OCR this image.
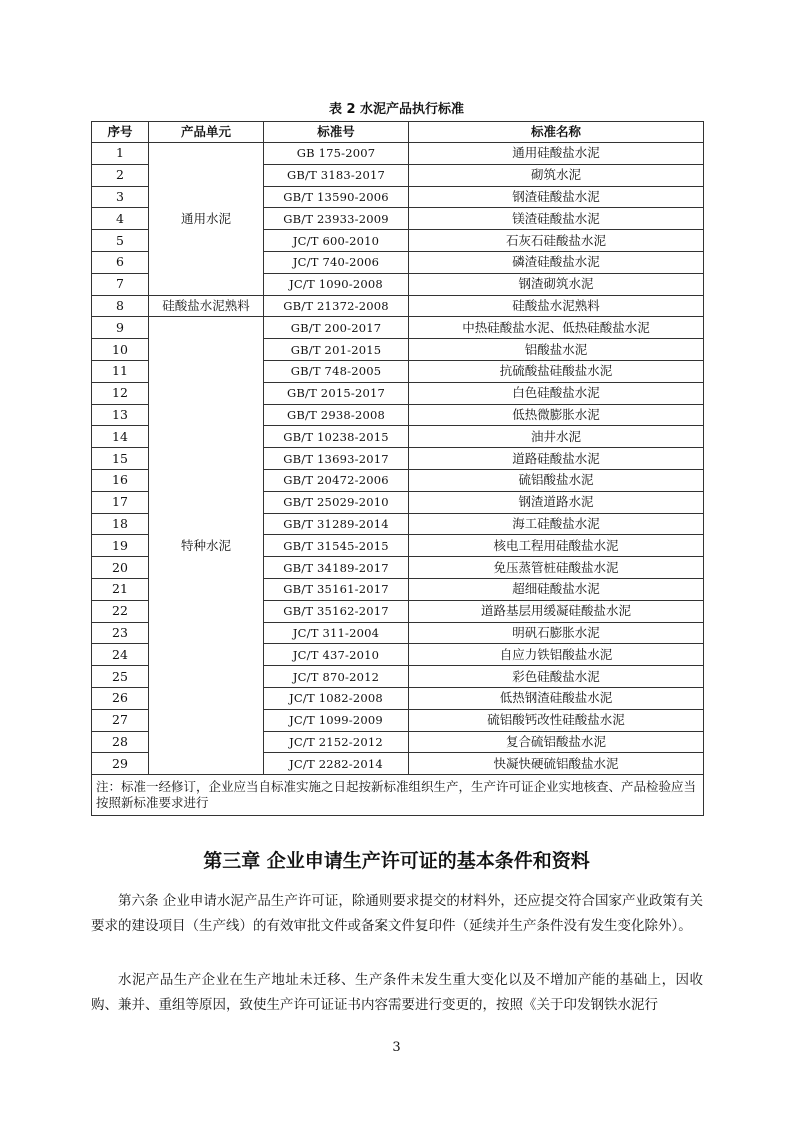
表 2 水泥产品执行标准
序号	产品单元	标准号	标准名称
1	通用水泥	GB 175-2007	通用硅酸盐水泥
2		GB/T 3183-2017	砌筑水泥
3		GB/T 13590-2006	钢渣硅酸盐水泥
4		GB/T 23933-2009	镁渣硅酸盐水泥
5		JC/T 600-2010	石灰石硅酸盐水泥
6		JC/T 740-2006	磷渣硅酸盐水泥
7		JC/T 1090-2008	钢渣砌筑水泥
8	硅酸盐水泥熟料	GB/T 21372-2008	硅酸盐水泥熟料
9	特种水泥	GB/T 200-2017	中热硅酸盐水泥、低热硅酸盐水泥
10		GB/T 201-2015	铝酸盐水泥
11		GB/T 748-2005	抗硫酸盐硅酸盐水泥
12		GB/T 2015-2017	白色硅酸盐水泥
13		GB/T 2938-2008	低热微膨胀水泥
14		GB/T 10238-2015	油井水泥
15		GB/T 13693-2017	道路硅酸盐水泥
16		GB/T 20472-2006	硫铝酸盐水泥
17		GB/T 25029-2010	钢渣道路水泥
18		GB/T 31289-2014	海工硅酸盐水泥
19		GB/T 31545-2015	核电工程用硅酸盐水泥
20		GB/T 34189-2017	免压蒸管桩硅酸盐水泥
21		GB/T 35161-2017	超细硅酸盐水泥
22		GB/T 35162-2017	道路基层用缓凝硅酸盐水泥
23		JC/T 311-2004	明矾石膨胀水泥
24		JC/T 437-2010	自应力铁铝酸盐水泥
25		JC/T 870-2012	彩色硅酸盐水泥
26		JC/T 1082-2008	低热钢渣硅酸盐水泥
27		JC/T 1099-2009	硫铝酸钙改性硅酸盐水泥
28		JC/T 2152-2012	复合硫铝酸盐水泥
29		JC/T 2282-2014	快凝快硬硫铝酸盐水泥
注：标准一经修订，企业应当自标准实施之日起按新标准组织生产，生产许可证企业实地核查、产品检验应当按照新标准要求进行			
第三章 企业申请生产许可证的基本条件和资料

第六条 企业申请水泥产品生产许可证，除通则要求提交的材料外，还应提交符合国家产业政策有关要求的建设项目（生产线）的有效审批文件或备案文件复印件（延续并生产条件没有发生变化除外）。

水泥产品生产企业在生产地址未迁移、生产条件未发生重大变化以及不增加产能的基础上，因收购、兼并、重组等原因，致使生产许可证证书内容需要进行变更的，按照《关于印发钢铁水泥行

3
